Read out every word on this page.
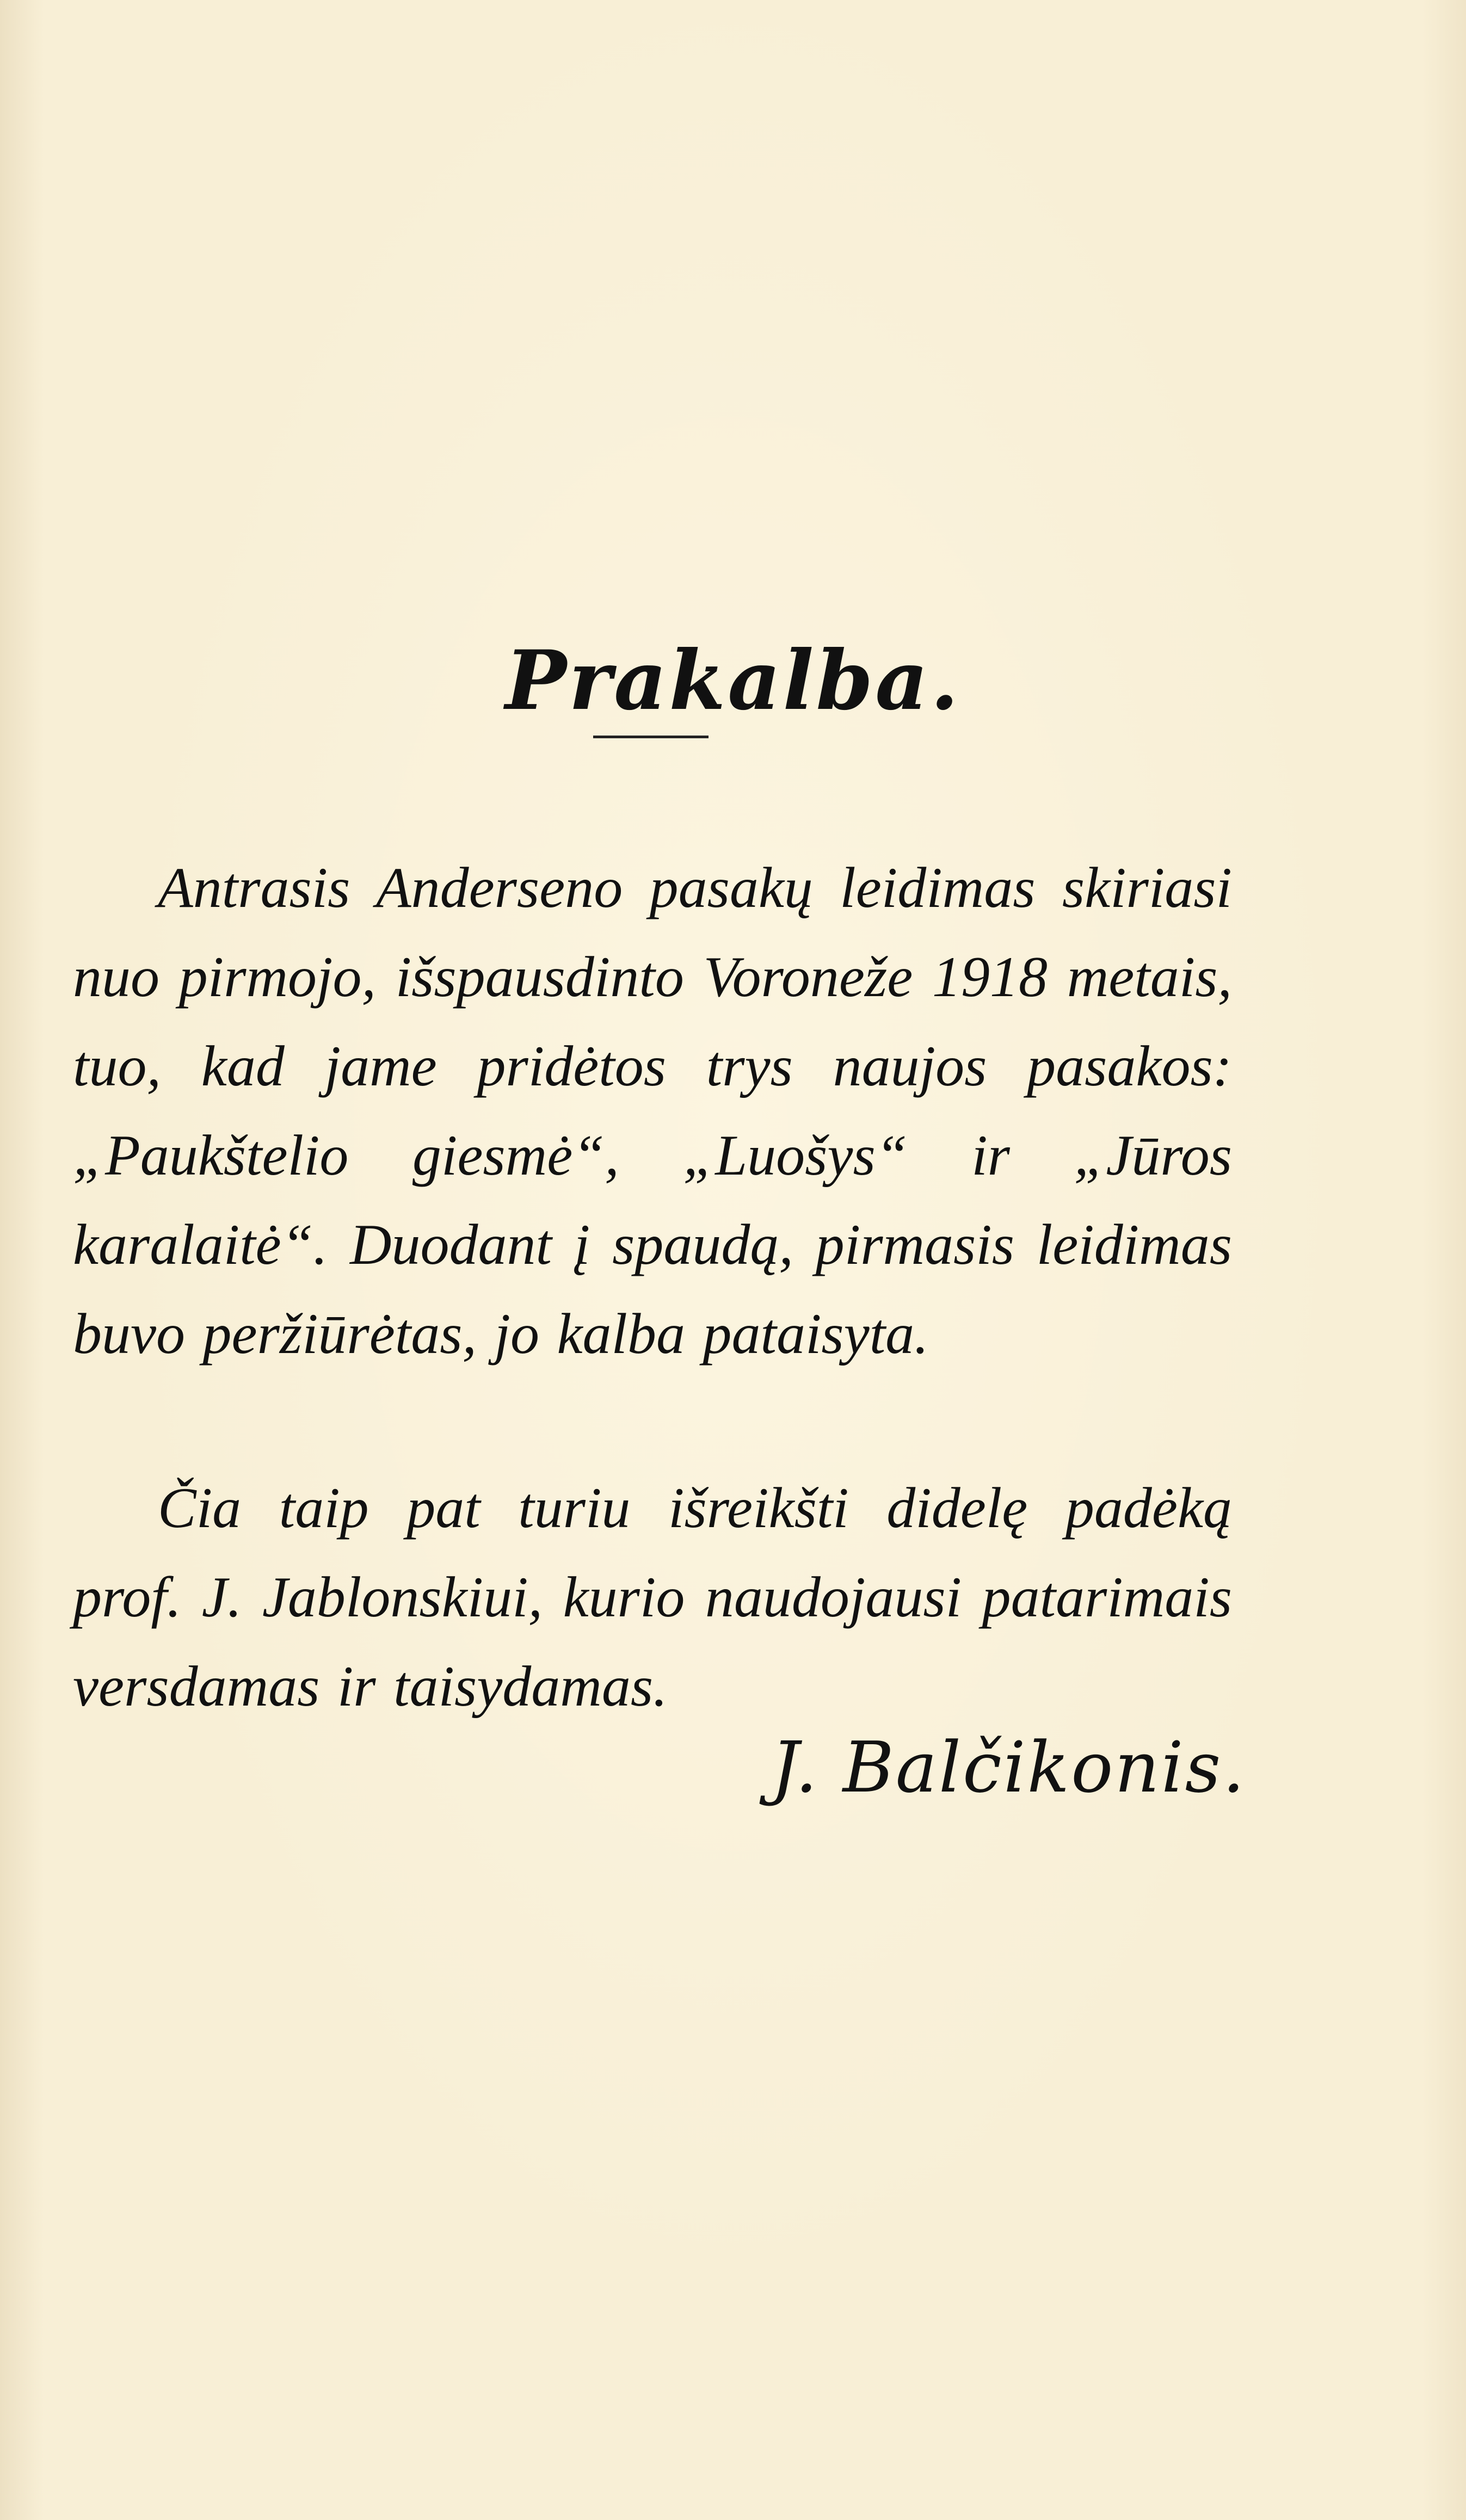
Prakalba.

Antrasis Anderseno pasakų leidimas skiriasi nuo pirmojo, išspausdinto Voroneže 1918 metais, tuo, kad jame pridėtos trys naujos pasakos: „Paukštelio giesmė“, „Luošys“ ir „Jūros karalaitė“. Duodant į spaudą, pirmasis leidimas buvo peržiūrėtas, jo kalba pataisyta.

Čia taip pat turiu išreikšti didelę padėką prof. J. Jablonskiui, kurio naudojausi patarimais versdamas ir taisydamas.

J. Balčikonis.
